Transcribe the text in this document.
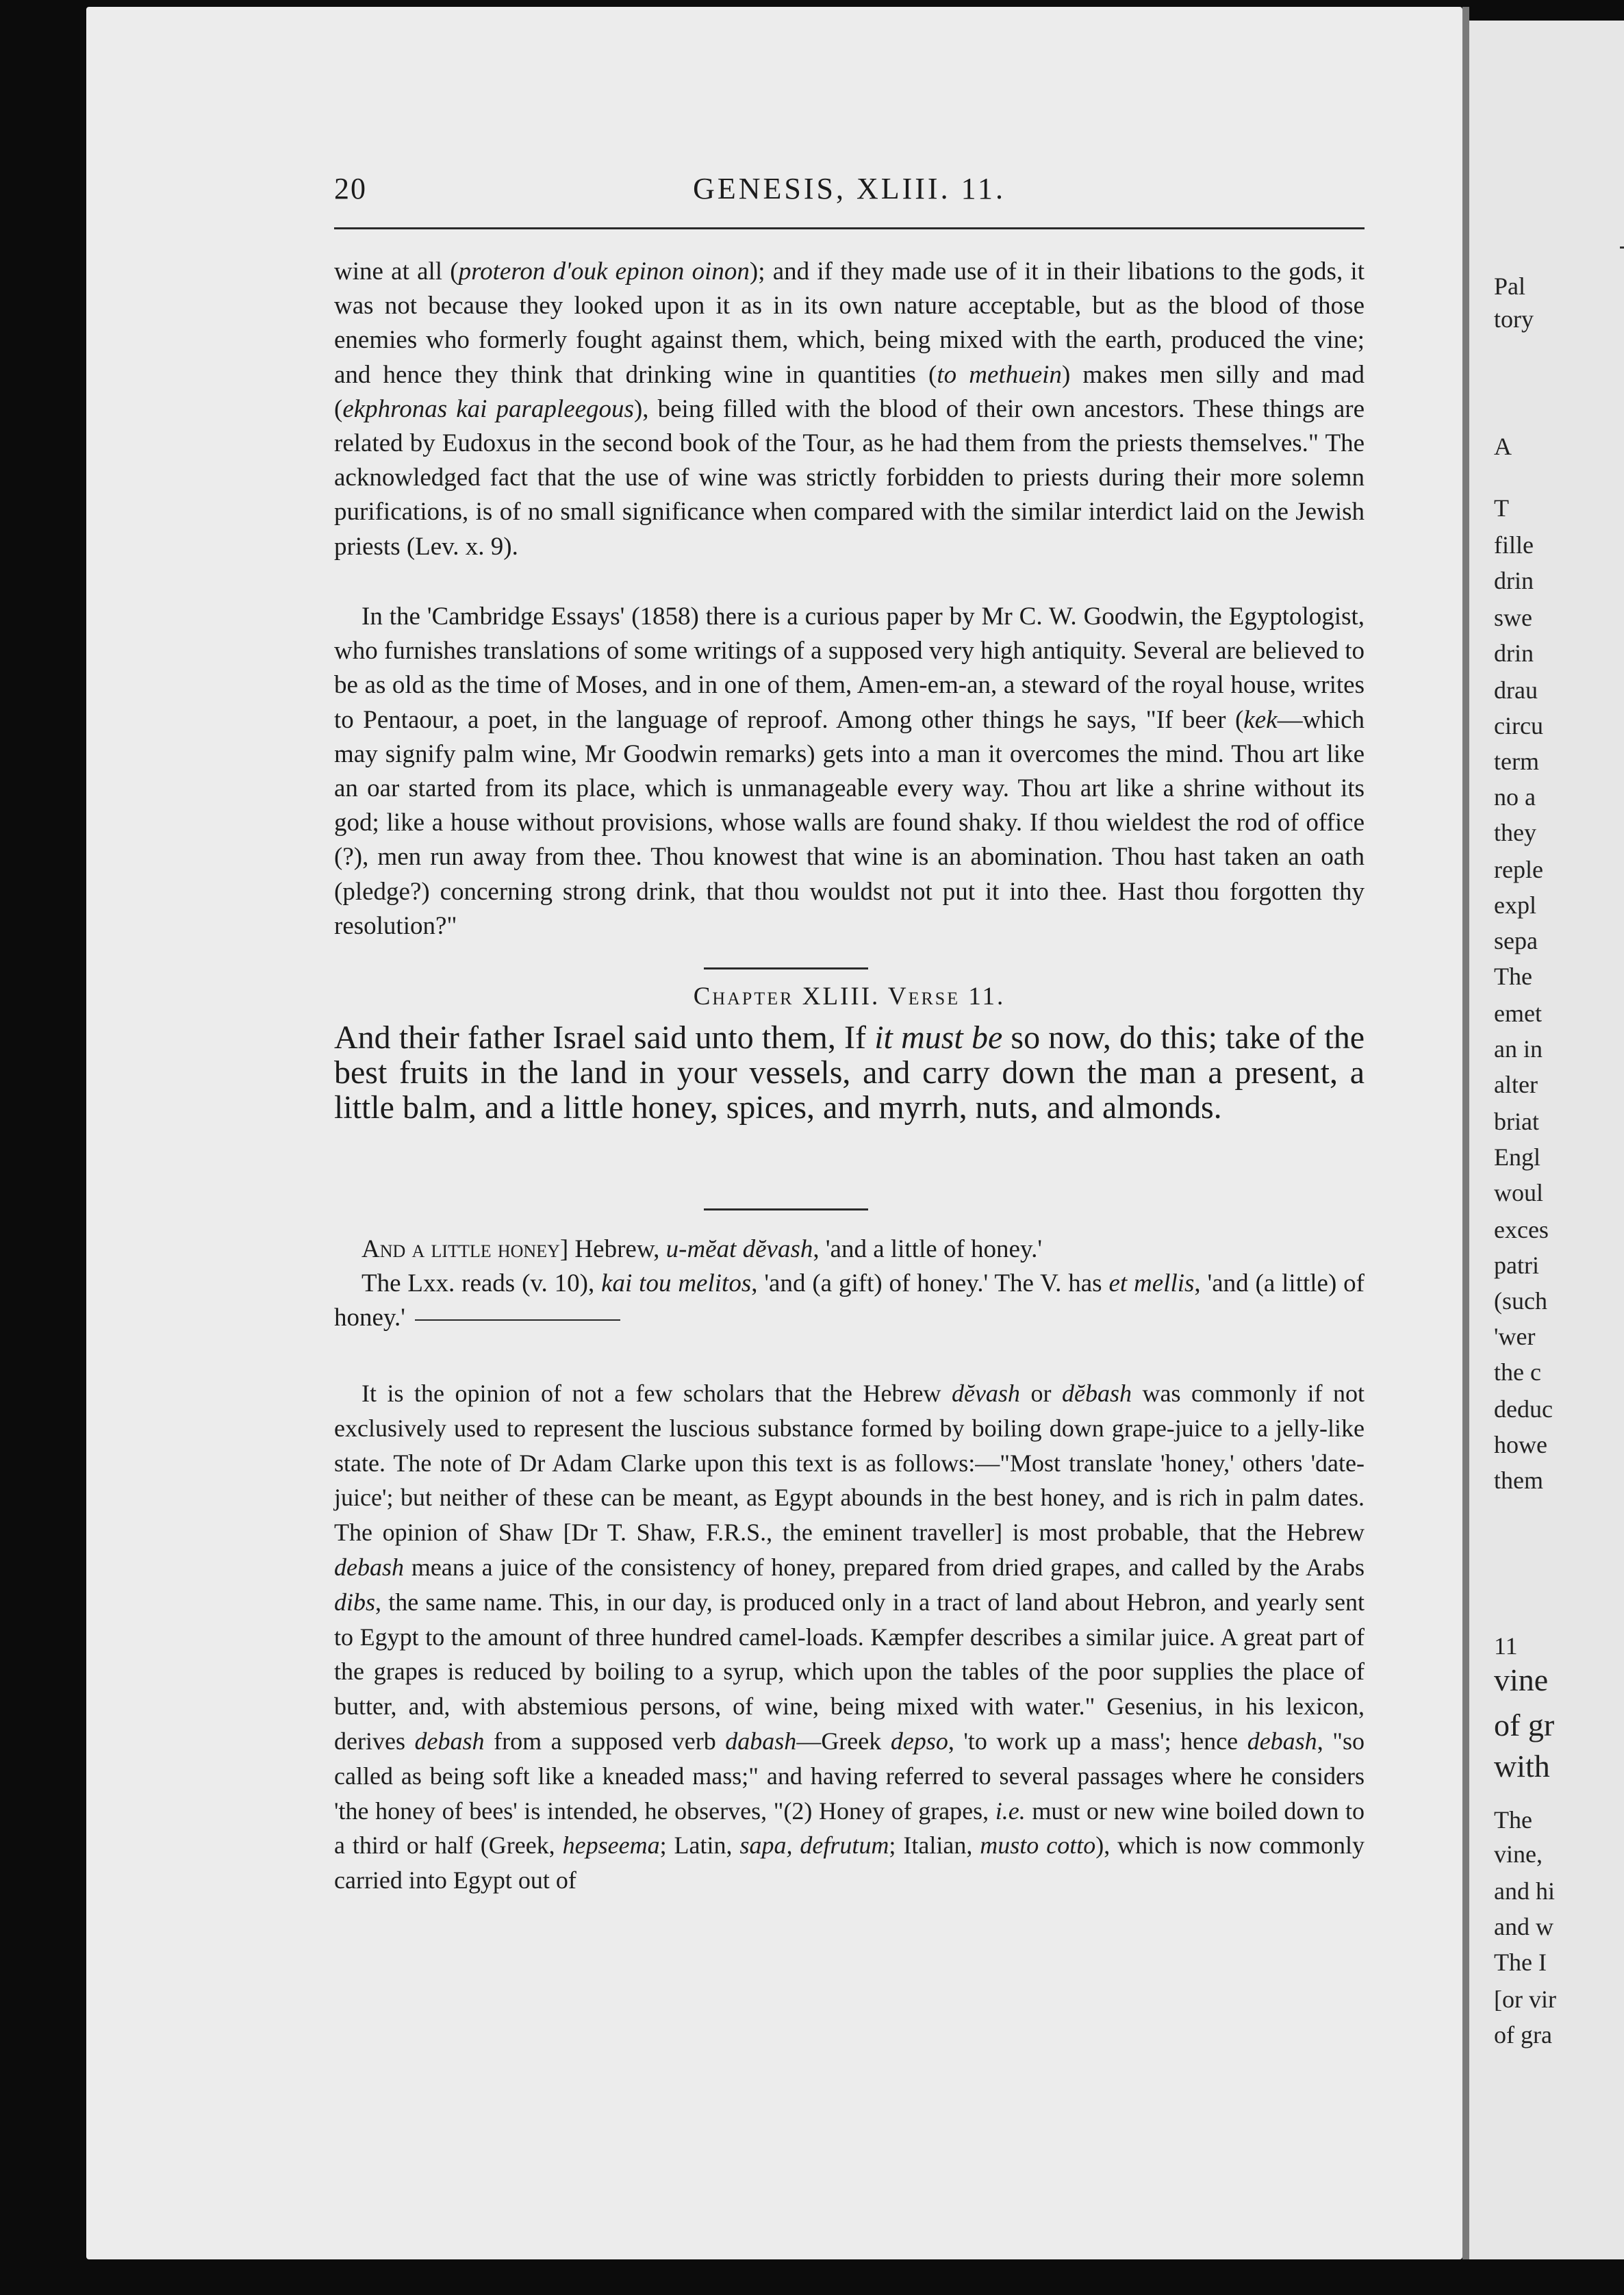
Pal
tory
A
T
fille
drin
swe
drin
drau
circu
term
no a
they
reple
expl
sepa
The
emet
an in
alter
briat
Engl
woul
exces
patri
(such
'wer
the c
deduc
howe
them
11
vine
of gr
with
The
vine,
and hi
and w
The I
[or vir
of gra
20	GENESIS, XLIII. 11.

wine at all (proteron d'ouk epinon oinon); and if they made use of it in their libations to the gods, it was not because they looked upon it as in its own nature acceptable, but as the blood of those enemies who formerly fought against them, which, being mixed with the earth, produced the vine; and hence they think that drinking wine in quantities (to methuein) makes men silly and mad (ekphronas kai parapleegous), being filled with the blood of their own ancestors. These things are related by Eudoxus in the second book of the Tour, as he had them from the priests themselves." The acknowledged fact that the use of wine was strictly forbidden to priests during their more solemn purifications, is of no small significance when compared with the similar interdict laid on the Jewish priests (Lev. x. 9).

In the 'Cambridge Essays' (1858) there is a curious paper by Mr C. W. Goodwin, the Egyptologist, who furnishes translations of some writings of a supposed very high antiquity. Several are believed to be as old as the time of Moses, and in one of them, Amen-em-an, a steward of the royal house, writes to Pentaour, a poet, in the language of reproof. Among other things he says, "If beer (kek—which may signify palm wine, Mr Goodwin remarks) gets into a man it overcomes the mind. Thou art like an oar started from its place, which is unmanageable every way. Thou art like a shrine without its god; like a house without provisions, whose walls are found shaky. If thou wieldest the rod of office (?), men run away from thee. Thou knowest that wine is an abomination. Thou hast taken an oath (pledge?) concerning strong drink, that thou wouldst not put it into thee. Hast thou forgotten thy resolution?"

Chapter XLIII. Verse 11.
And their father Israel said unto them, If it must be so now, do this; take of the best fruits in the land in your vessels, and carry down the man a present, a little balm, and a little honey, spices, and myrrh, nuts, and almonds.

And a little honey] Hebrew, u-mĕat dĕvash, 'and a little of honey.'

The Lxx. reads (v. 10), kai tou melitos, 'and (a gift) of honey.' The V. has et mellis, 'and (a little) of honey.'

It is the opinion of not a few scholars that the Hebrew dĕvash or dĕbash was commonly if not exclusively used to represent the luscious substance formed by boiling down grape-juice to a jelly-like state. The note of Dr Adam Clarke upon this text is as follows:—"Most translate 'honey,' others 'date-juice'; but neither of these can be meant, as Egypt abounds in the best honey, and is rich in palm dates. The opinion of Shaw [Dr T. Shaw, F.R.S., the eminent traveller] is most probable, that the Hebrew debash means a juice of the consistency of honey, prepared from dried grapes, and called by the Arabs dibs, the same name. This, in our day, is produced only in a tract of land about Hebron, and yearly sent to Egypt to the amount of three hundred camel-loads. Kæmpfer describes a similar juice. A great part of the grapes is reduced by boiling to a syrup, which upon the tables of the poor supplies the place of butter, and, with abstemious persons, of wine, being mixed with water." Gesenius, in his lexicon, derives debash from a supposed verb dabash—Greek depso, 'to work up a mass'; hence debash, "so called as being soft like a kneaded mass;" and having referred to several passages where he considers 'the honey of bees' is intended, he observes, "(2) Honey of grapes, i.e. must or new wine boiled down to a third or half (Greek, hepseema; Latin, sapa, defrutum; Italian, musto cotto), which is now commonly carried into Egypt out of
